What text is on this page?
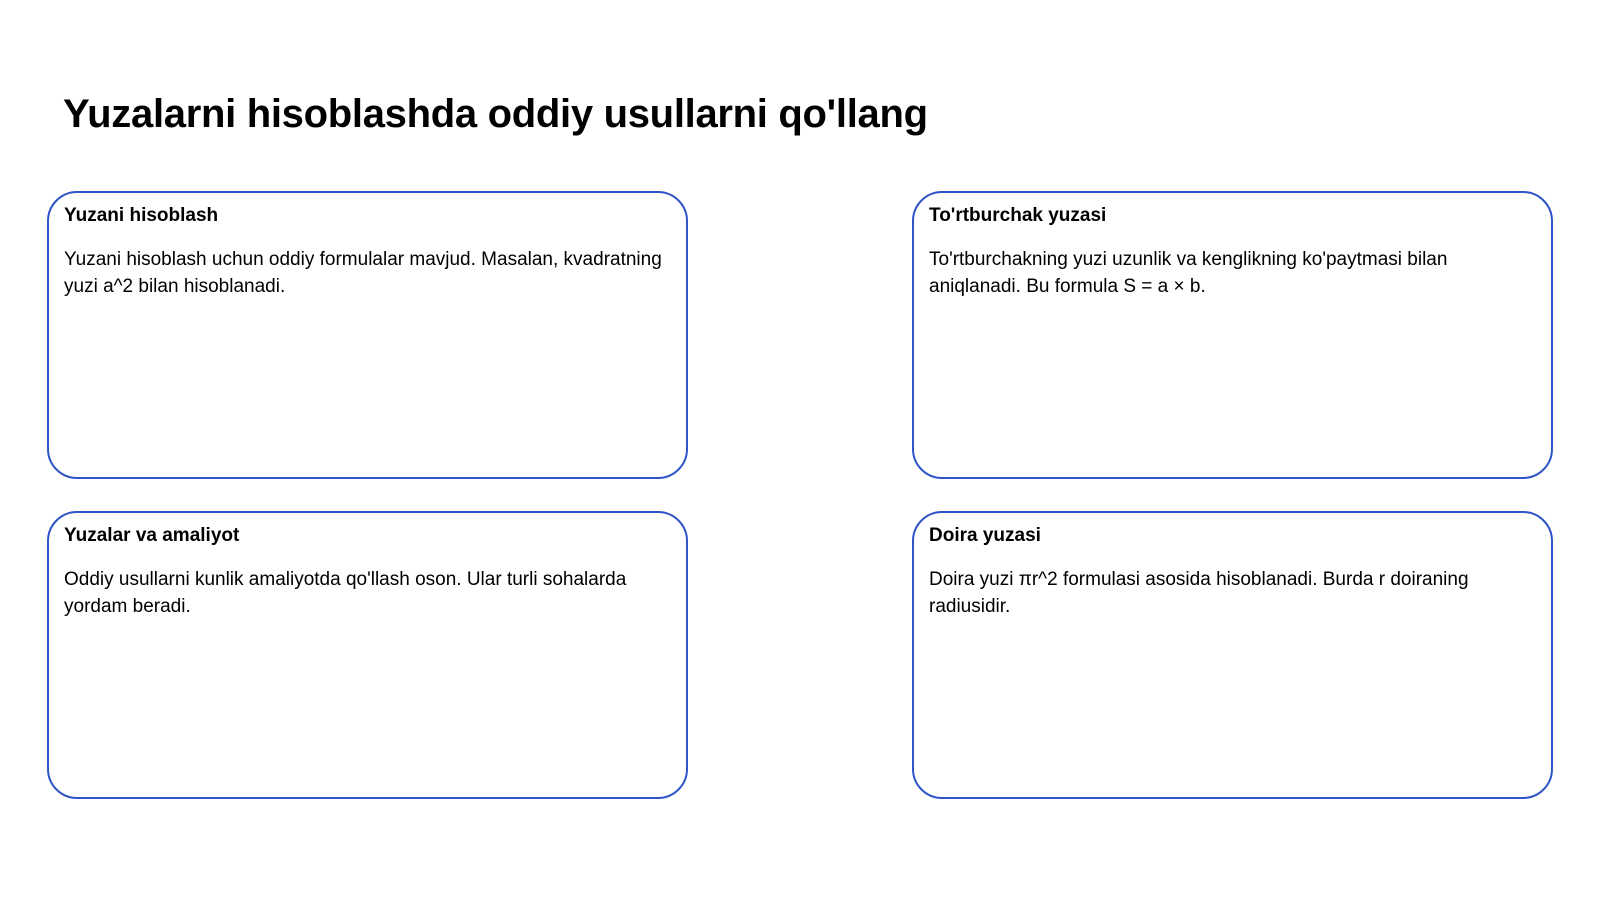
Yuzalarni hisoblashda oddiy usullarni qo'llang
Yuzani hisoblash

Yuzani hisoblash uchun oddiy formulalar mavjud. Masalan, kvadratning yuzi a^2 bilan hisoblanadi.

To'rtburchak yuzasi

To'rtburchakning yuzi uzunlik va kenglikning ko'paytmasi bilan aniqlanadi. Bu formula S = a × b.

Yuzalar va amaliyot

Oddiy usullarni kunlik amaliyotda qo'llash oson. Ular turli sohalarda yordam beradi.

Doira yuzasi

Doira yuzi πr^2 formulasi asosida hisoblanadi. Burda r doiraning radiusidir.
